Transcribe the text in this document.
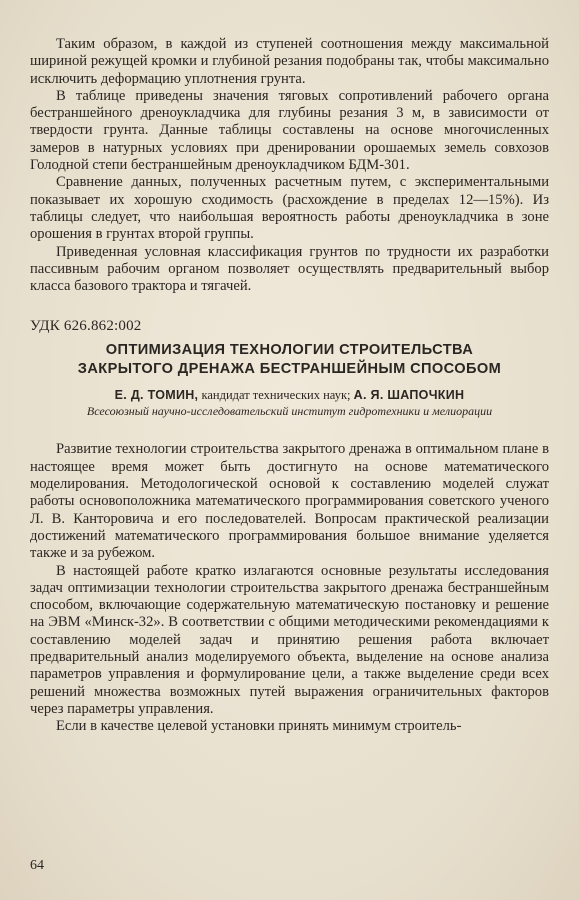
Таким образом, в каждой из ступеней соотношения между максимальной шириной режущей кромки и глубиной резания подобраны так, чтобы максимально исключить деформацию уплотнения грунта.

В таблице приведены значения тяговых сопротивлений рабочего органа бестраншейного дреноукладчика для глубины резания 3 м, в зависимости от твердости грунта. Данные таблицы составлены на основе многочисленных замеров в натурных условиях при дренировании орошаемых земель совхозов Голодной степи бестраншейным дреноукладчиком БДМ-301.

Сравнение данных, полученных расчетным путем, с экспериментальными показывает их хорошую сходимость (расхождение в пределах 12—15%). Из таблицы следует, что наибольшая вероятность работы дреноукладчика в зоне орошения в грунтах второй группы.

Приведенная условная классификация грунтов по трудности их разработки пассивным рабочим органом позволяет осуществлять предварительный выбор класса базового трактора и тягачей.

УДК 626.862:002
ОПТИМИЗАЦИЯ ТЕХНОЛОГИИ СТРОИТЕЛЬСТВА
ЗАКРЫТОГО ДРЕНАЖА БЕСТРАНШЕЙНЫМ СПОСОБОМ
Е. Д. ТОМИН, кандидат технических наук; А. Я. ШАПОЧКИН
Всесоюзный научно-исследовательский институт гидротехники и мелиорации

Развитие технологии строительства закрытого дренажа в оптимальном плане в настоящее время может быть достигнуто на основе математического моделирования. Методологической основой к составлению моделей служат работы основоположника математического программирования советского ученого Л. В. Канторовича и его последователей. Вопросам практической реализации достижений математического программирования большое внимание уделяется также и за рубежом.

В настоящей работе кратко излагаются основные результаты исследования задач оптимизации технологии строительства закрытого дренажа бестраншейным способом, включающие содержательную математическую постановку и решение на ЭВМ «Минск-32». В соответствии с общими методическими рекомендациями к составлению моделей задач и принятию решения работа включает предварительный анализ моделируемого объекта, выделение на основе анализа параметров управления и формулирование цели, а также выделение среди всех решений множества возможных путей выражения ограничительных факторов через параметры управления.

Если в качестве целевой установки принять минимум строитель-

64
